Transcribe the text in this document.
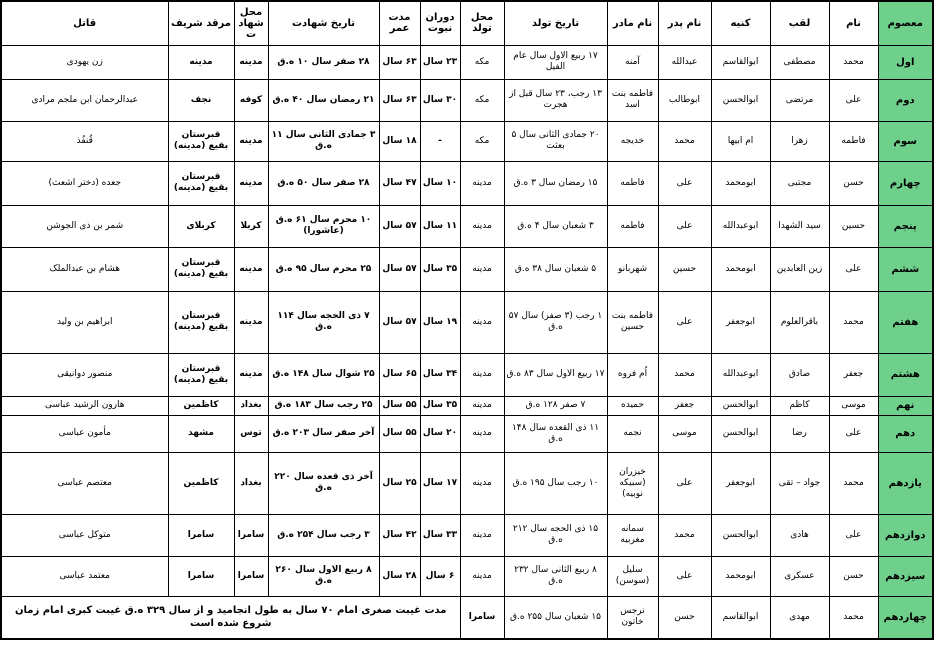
معصوم	نام	لقب	کنیه	نام پدر	نام مادر	تاریخ تولد	محل تولد	دوران نبوت	مدت عمر	تاریخ شهادت	محل شهادت	مرقد شریف	قاتل
اول	محمد	مصطفی	ابوالقاسم	عبدالله	آمنه	۱۷ ربیع الاول سال عام الفیل	مکه	۲۳ سال	۶۳ سال	۲۸ صفر سال ۱۰ ه.ق	مدینه	مدینه	زن یهودی
دوم	علی	مرتضی	ابوالحسن	ابوطالب	فاطمه بنت اسد	۱۳ رجب، ۲۳ سال قبل از هجرت	مکه	۳۰ سال	۶۳ سال	۲۱ رمضان سال ۴۰ ه.ق	کوفه	نجف	عبدالرحمان ابن ملجم مرادی
سوم	فاطمه	زهرا	ام ابیها	محمد	خدیجه	۲۰ جمادی الثانی سال ۵ بعثت	مکه	-	۱۸ سال	۳ جمادی الثانی سال ۱۱ ه.ق	مدینه	قبرستان بقیع (مدینه)	قُنفُذ
چهارم	حسن	مجتبی	ابومحمد	علی	فاطمه	۱۵ رمضان سال ۳ ه.ق	مدینه	۱۰ سال	۴۷ سال	۲۸ صفر سال ۵۰ ه.ق	مدینه	قبرستان بقیع (مدینه)	جعده (دختر اشعث)
پنجم	حسین	سید الشهدا	ابوعبدالله	علی	فاطمه	۳ شعبان سال ۴ ه.ق	مدینه	۱۱ سال	۵۷ سال	۱۰ محرم سال ۶۱ ه.ق (عاشورا)	کربلا	کربلای	شمر بن ذی الجوشن
ششم	علی	زین العابدین	ابومحمد	حسین	شهربانو	۵ شعبان سال ۳۸ ه.ق	مدینه	۳۵ سال	۵۷ سال	۲۵ محرم سال ۹۵ ه.ق	مدینه	قبرستان بقیع (مدینه)	هشام بن عبدالملک
هفتم	محمد	باقرالعلوم	ابوجعفر	علی	فاطمه بنت حسین	۱ رجب (۳ صفر) سال ۵۷ ه.ق	مدینه	۱۹ سال	۵۷ سال	۷ ذی الحجه سال ۱۱۴ ه.ق	مدینه	قبرستان بقیع (مدینه)	ابراهیم بن ولید
هشتم	جعفر	صادق	ابوعبدالله	محمد	اُم فروه	۱۷ ربیع الاول سال ۸۳ ه.ق	مدینه	۳۴ سال	۶۵ سال	۲۵ شوال سال ۱۴۸ ه.ق	مدینه	قبرستان بقیع (مدینه)	منصور دوانیقی
نهم	موسی	کاظم	ابوالحسن	جعفر	حمیده	۷ صفر ۱۲۸ ه.ق	مدینه	۳۵ سال	۵۵ سال	۲۵ رجب سال ۱۸۳ ه.ق	بغداد	کاظمین	هارون الرشید عباسی
دهم	علی	رضا	ابوالحسن	موسی	نجمه	۱۱ ذی القعده سال ۱۴۸ ه.ق	مدینه	۲۰ سال	۵۵ سال	آخر صفر سال ۲۰۳ ه.ق	توس	مشهد	مأمون عباسی
یازدهم	محمد	جواد – تقی	ابوجعفر	علی	خیزران (سبیکه نوبیه)	۱۰ رجب سال ۱۹۵ ه.ق	مدینه	۱۷ سال	۲۵ سال	آخر ذی قعده سال ۲۲۰ ه.ق	بغداد	کاظمین	معتصم عباسی
دوازدهم	علی	هادی	ابوالحسن	محمد	سمانه مغربیه	۱۵ ذی الحجه سال ۲۱۲ ه.ق	مدینه	۳۳ سال	۴۲ سال	۳ رجب سال ۲۵۴ ه.ق	سامرا	سامرا	متوکل عباسی
سیزدهم	حسن	عسکری	ابومحمد	علی	سلیل (سوسن)	۸ ربیع الثانی سال ۲۳۲ ه.ق	مدینه	۶ سال	۲۸ سال	۸ ربیع الاول سال ۲۶۰ ه.ق	سامرا	سامرا	معتمد عباسی
چهاردهم	محمد	مهدی	ابوالقاسم	حسن	نرجس خاتون	۱۵ شعبان سال ۲۵۵ ه.ق	سامرا	مدت غیبت صغری امام ۷۰ سال به طول انجامید و از سال ۳۲۹ ه.ق غیبت کبری امام زمان شروع شده است					
